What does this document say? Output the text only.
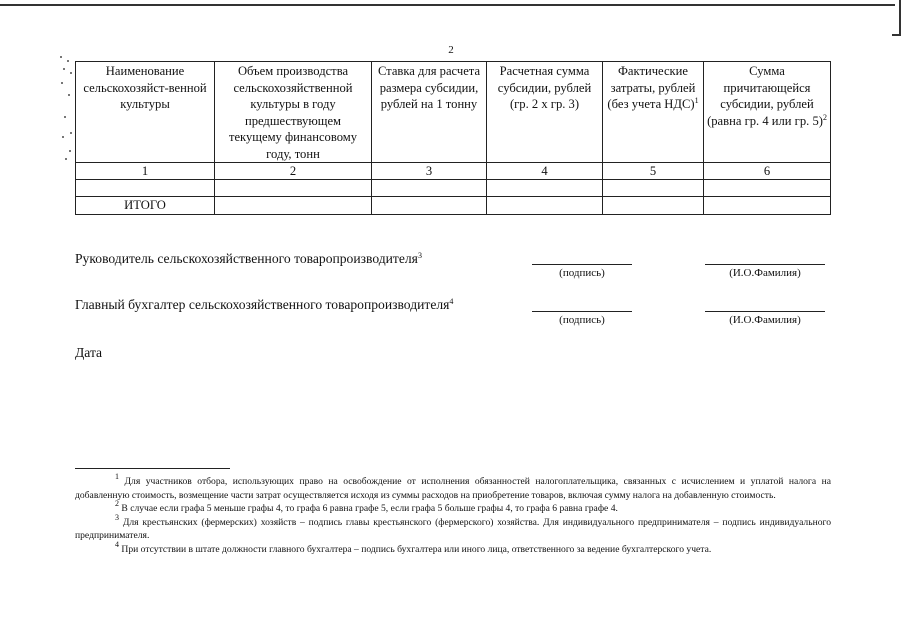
2
Наименование сельскохозяйст-венной культуры	Объем производства сельскохозяйственной культуры в году предшествующем текущему финансовому году, тонн	Ставка для расчета размера субсидии, рублей на 1 тонну	Расчетная сумма субсидии, рублей (гр. 2 х гр. 3)	Фактические затраты, рублей (без учета НДС)$^1$	Сумма причитающейся субсидии, рублей (равна гр. 4 или гр. 5)$^2$
1	2	3	4	5	6

ИТОГО					
Руководитель сельскохозяйственного товаропроизводителя$^3$
(подпись)	(И.О.Фамилия)
Главный бухгалтер сельскохозяйственного товаропроизводителя$^4$
(подпись)	(И.О.Фамилия)
Дата

$^1$ Для участников отбора, использующих право на освобождение от исполнения обязанностей налогоплательщика, связанных с исчислением и уплатой налога на добавленную стоимость, возмещение части затрат осуществляется исходя из суммы расходов на приобретение товаров, включая сумму налога на добавленную стоимость.

$^2$ В случае если графа 5 меньше графы 4, то графа 6 равна графе 5, если графа 5 больше графы 4, то графа 6 равна графе 4.

$^3$ Для крестьянских (фермерских) хозяйств – подпись главы крестьянского (фермерского) хозяйства. Для индивидуального предпринимателя – подпись индивидуального предпринимателя.

$^4$ При отсутствии в штате должности главного бухгалтера – подпись бухгалтера или иного лица, ответственного за ведение бухгалтерского учета.
